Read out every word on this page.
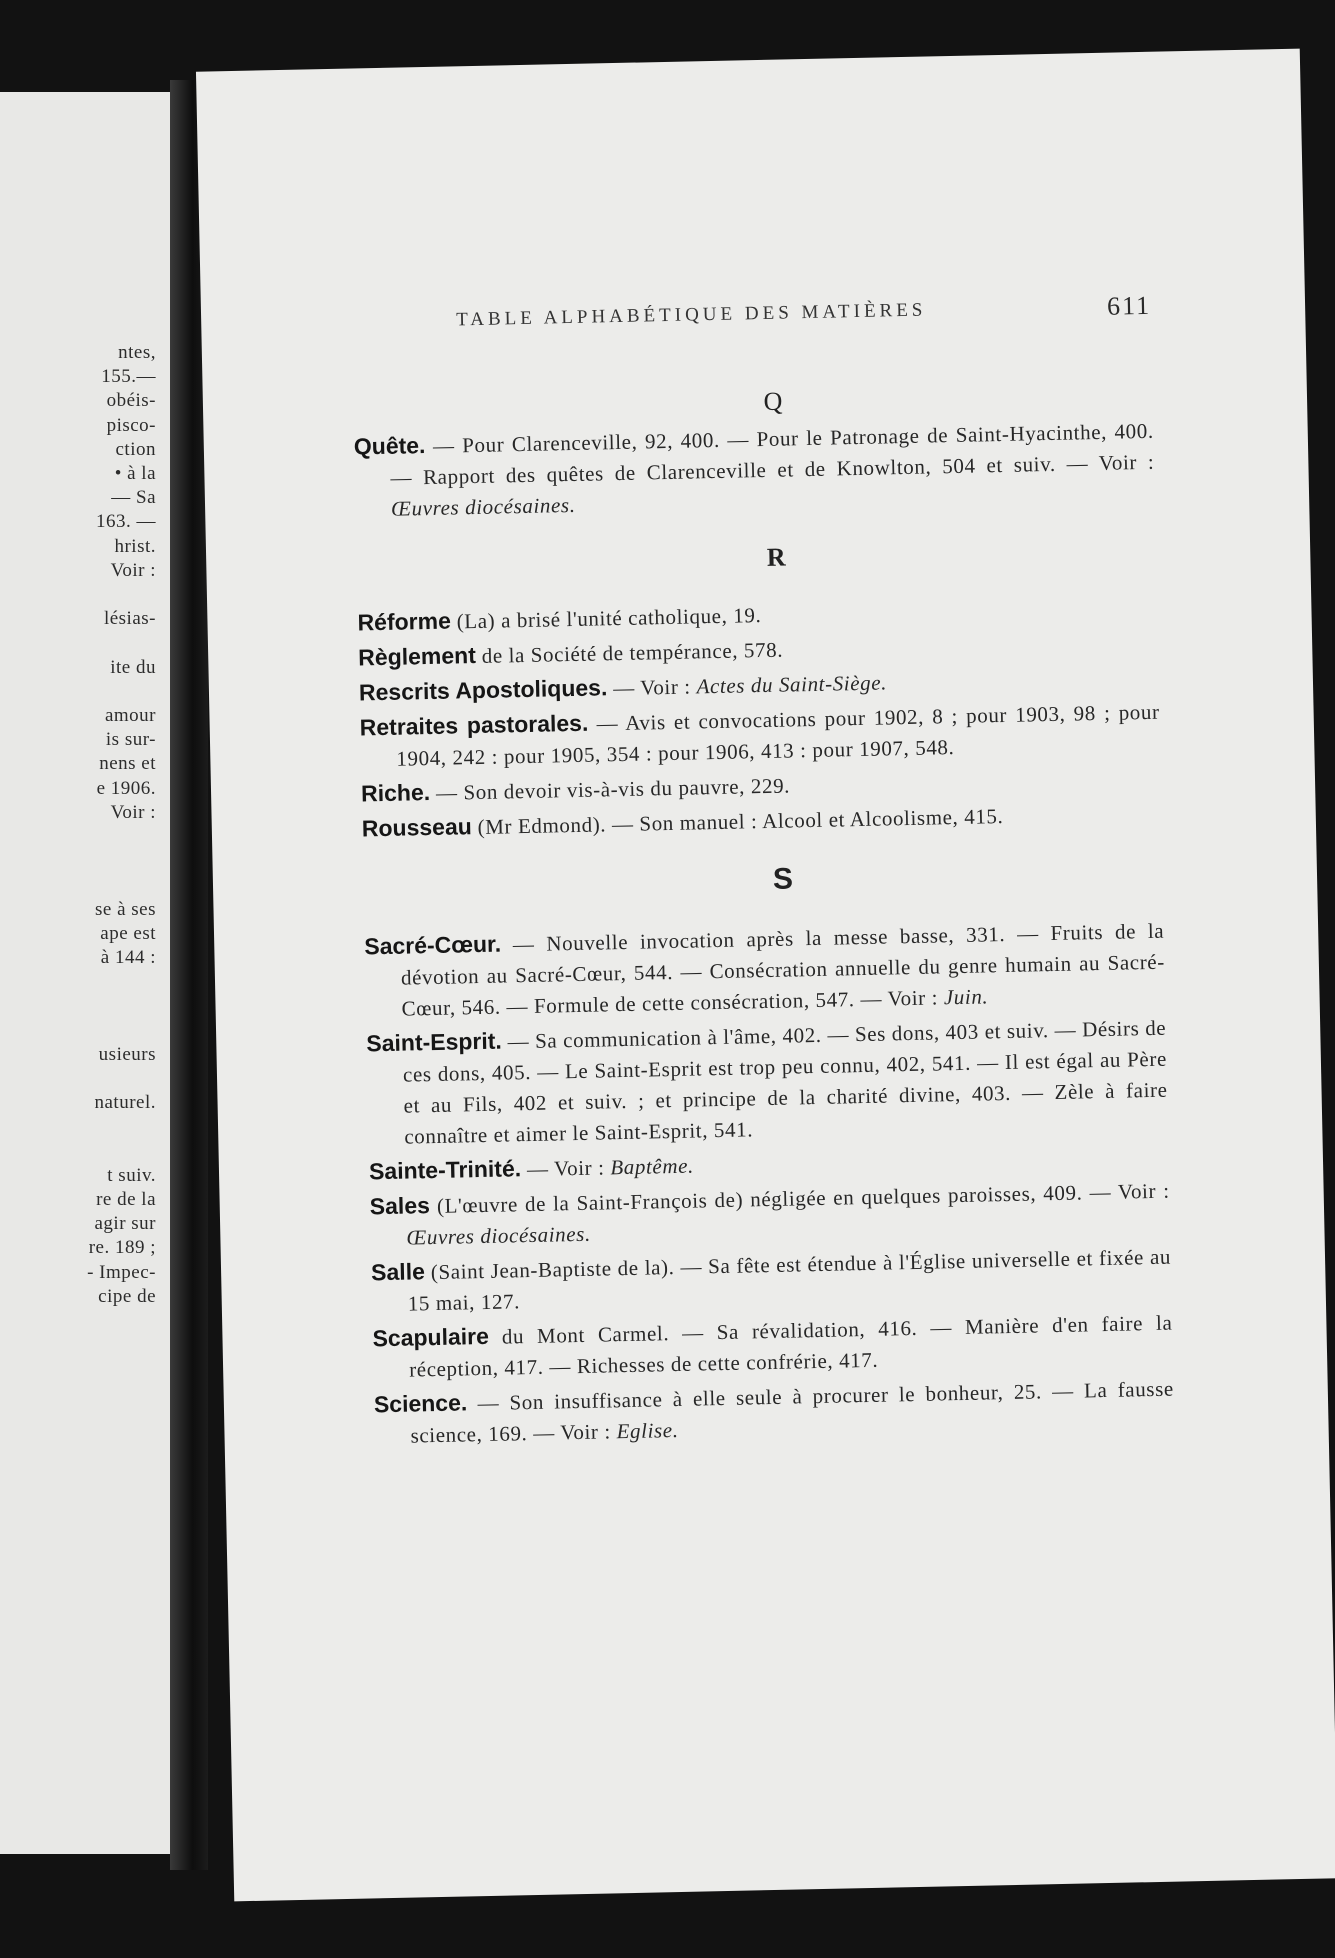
ntes,
155.—
obéis-
pisco-
ction
• à la
— Sa
163. —
hrist.
Voir :
lésias-
ite du
amour
is sur-
nens et
e 1906.
Voir :
se à ses
ape est
à 144 :
usieurs
naturel.
t suiv.
re de la
agir sur
re. 189 ;
- Impec-
cipe de
TABLE ALPHABÉTIQUE DES MATIÈRES	611
Q
Quête. — Pour Clarenceville, 92, 400. — Pour le Patronage de Saint-Hyacinthe, 400. — Rapport des quêtes de Clarenceville et de Knowlton, 504 et suiv. — Voir : Œuvres diocésaines.
R
Réforme (La) a brisé l'unité catholique, 19.
Règlement de la Société de tempérance, 578.
Rescrits Apostoliques. — Voir : Actes du Saint-Siège.
Retraites pastorales. — Avis et convocations pour 1902, 8 ; pour 1903, 98 ; pour 1904, 242 : pour 1905, 354 : pour 1906, 413 : pour 1907, 548.
Riche. — Son devoir vis-à-vis du pauvre, 229.
Rousseau (Mr Edmond). — Son manuel : Alcool et Alcoolisme, 415.
S
Sacré-Cœur. — Nouvelle invocation après la messe basse, 331. — Fruits de la dévotion au Sacré-Cœur, 544. — Consécration annuelle du genre humain au Sacré-Cœur, 546. — Formule de cette consécration, 547. — Voir : Juin.
Saint-Esprit. — Sa communication à l'âme, 402. — Ses dons, 403 et suiv. — Désirs de ces dons, 405. — Le Saint-Esprit est trop peu connu, 402, 541. — Il est égal au Père et au Fils, 402 et suiv. ; et principe de la charité divine, 403. — Zèle à faire connaître et aimer le Saint-Esprit, 541.
Sainte-Trinité. — Voir : Baptême.
Sales (L'œuvre de la Saint-François de) négligée en quelques paroisses, 409. — Voir : Œuvres diocésaines.
Salle (Saint Jean-Baptiste de la). — Sa fête est étendue à l'Église universelle et fixée au 15 mai, 127.
Scapulaire du Mont Carmel. — Sa révalidation, 416. — Manière d'en faire la réception, 417. — Richesses de cette confrérie, 417.
Science. — Son insuffisance à elle seule à procurer le bonheur, 25. — La fausse science, 169. — Voir : Eglise.
